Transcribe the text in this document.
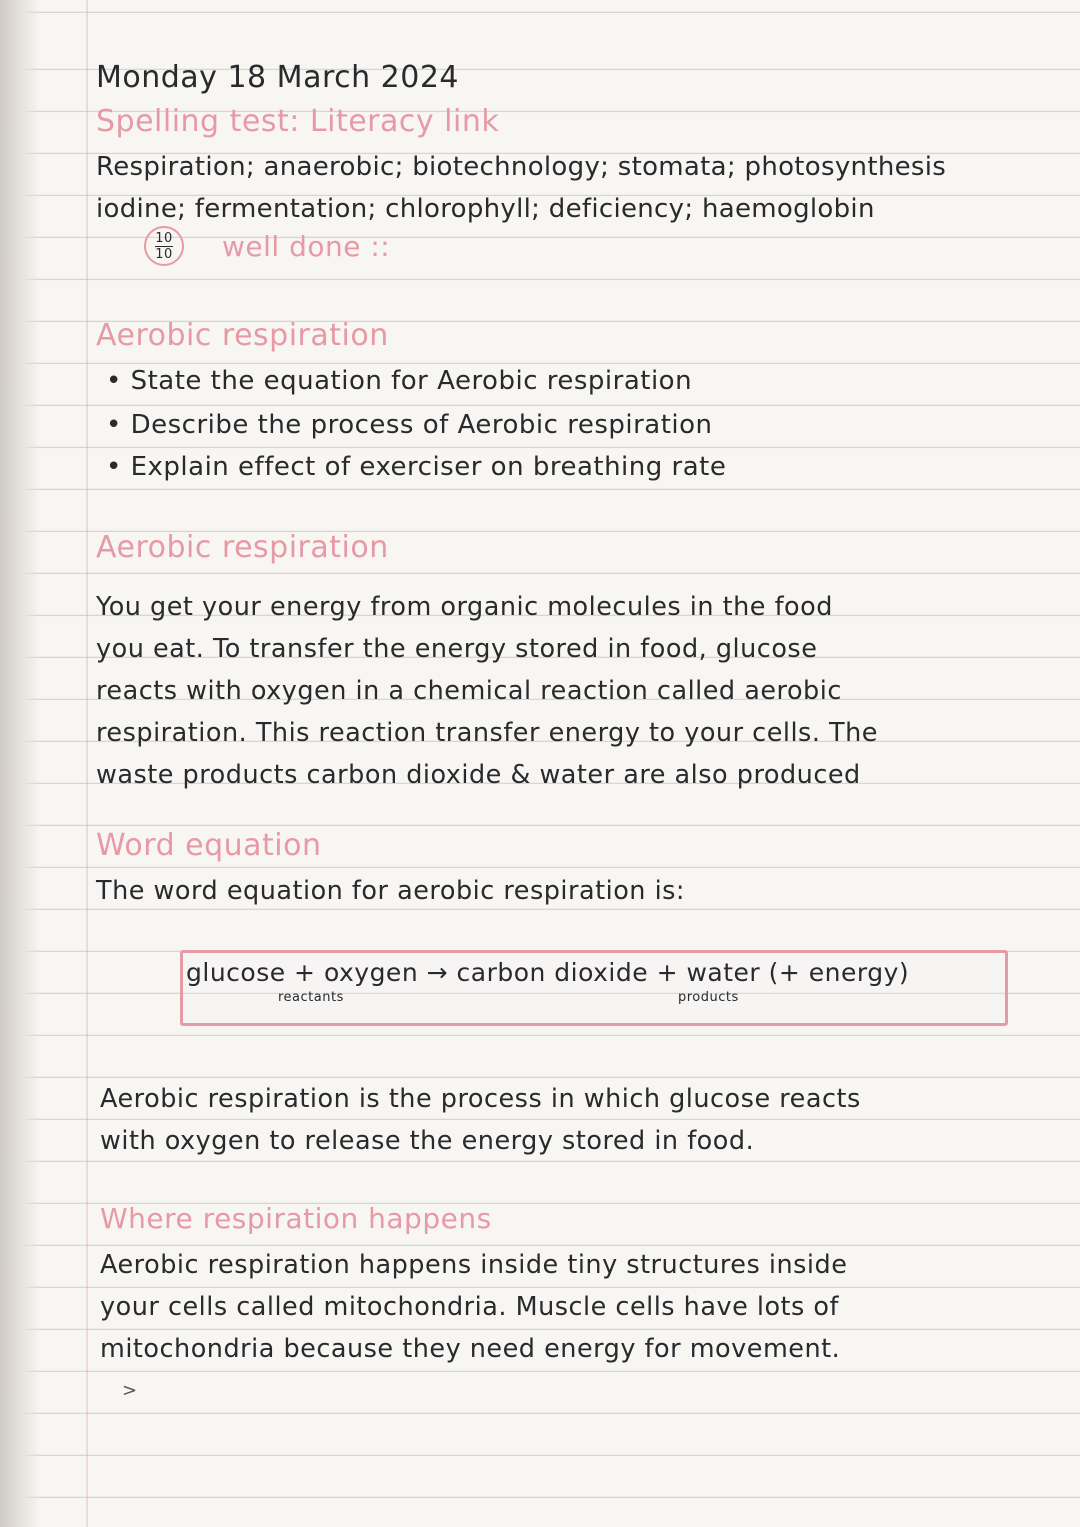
Monday 18 March 2024
Spelling test: Literacy link
Respiration; anaerobic; biotechnology; stomata; photosynthesis
iodine; fermentation; chlorophyll; deficiency; haemoglobin
10
10 well done ::
Aerobic respiration
• State the equation for Aerobic respiration
• Describe the process of Aerobic respiration
• Explain effect of exerciser on breathing rate
Aerobic respiration
You get your energy from organic molecules in the food
you eat. To transfer the energy stored in food, glucose
reacts with oxygen in a chemical reaction called aerobic
respiration. This reaction transfer energy to your cells. The
waste products carbon dioxide & water are also produced
Word equation
The word equation for aerobic respiration is:
glucose + oxygen → carbon dioxide + water (+ energy)
reactants	products
Aerobic respiration is the process in which glucose reacts
with oxygen to release the energy stored in food.
Where respiration happens
Aerobic respiration happens inside tiny structures inside
your cells called mitochondria. Muscle cells have lots of
mitochondria because they need energy for movement.
>
